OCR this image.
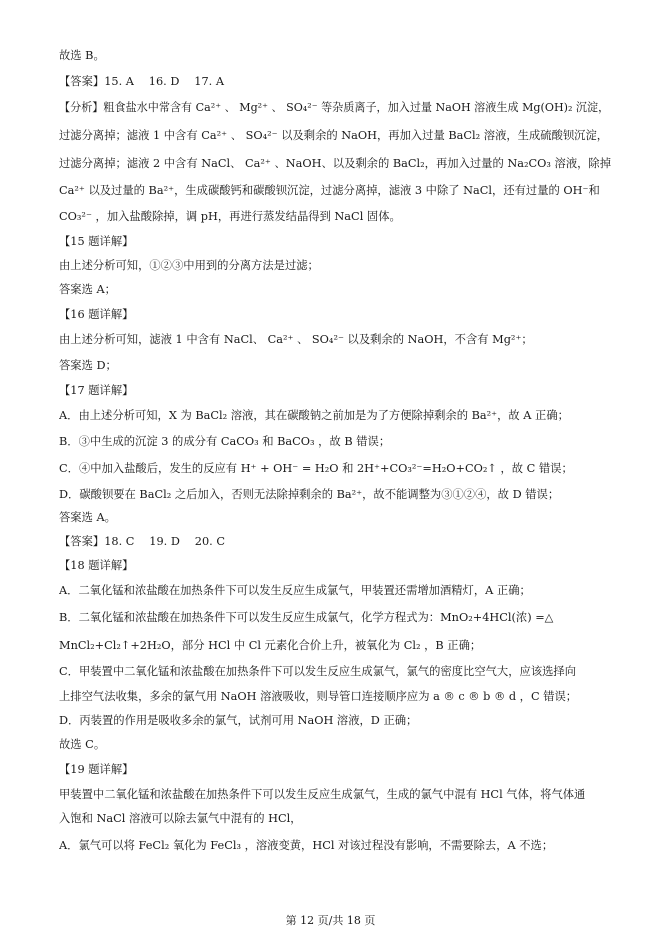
故选 B。
【答案】15. A　 16. D　 17. A
【分析】粗食盐水中常含有 Ca²⁺ 、 Mg²⁺ 、 SO₄²⁻ 等杂质离子，加入过量 NaOH 溶液生成 Mg(OH)₂ 沉淀，
过滤分离掉；滤液 1 中含有 Ca²⁺ 、 SO₄²⁻ 以及剩余的 NaOH，再加入过量 BaCl₂ 溶液，生成硫酸钡沉淀，
过滤分离掉；滤液 2 中含有 NaCl、 Ca²⁺ 、NaOH、以及剩余的 BaCl₂，再加入过量的 Na₂CO₃ 溶液，除掉
Ca²⁺ 以及过量的 Ba²⁺，生成碳酸钙和碳酸钡沉淀，过滤分离掉，滤液 3 中除了 NaCl，还有过量的 OH⁻和
CO₃²⁻ ，加入盐酸除掉，调 pH，再进行蒸发结晶得到 NaCl 固体。
【15 题详解】
由上述分析可知，①②③中用到的分离方法是过滤；
答案选 A；
【16 题详解】
由上述分析可知，滤液 1 中含有 NaCl、 Ca²⁺ 、 SO₄²⁻ 以及剩余的 NaOH，不含有 Mg²⁺；
答案选 D；
【17 题详解】
A．由上述分析可知，X 为 BaCl₂ 溶液，其在碳酸钠之前加是为了方便除掉剩余的 Ba²⁺，故 A 正确；
B．③中生成的沉淀 3 的成分有 CaCO₃ 和 BaCO₃ ，故 B 错误；
C．④中加入盐酸后，发生的反应有 H⁺ + OH⁻ = H₂O 和 2H⁺+CO₃²⁻=H₂O+CO₂↑ ，故 C 错误；
D．碳酸钡要在 BaCl₂ 之后加入，否则无法除掉剩余的 Ba²⁺，故不能调整为③①②④，故 D 错误；
答案选 A。
【答案】18. C　 19. D　 20. C
【18 题详解】
A．二氧化锰和浓盐酸在加热条件下可以发生反应生成氯气，甲装置还需增加酒精灯，A 正确；
B．二氧化锰和浓盐酸在加热条件下可以发生反应生成氯气，化学方程式为：MnO₂+4HCl(浓) =△
MnCl₂+Cl₂↑+2H₂O，部分 HCl 中 Cl 元素化合价上升，被氧化为 Cl₂ ，B 正确；
C．甲装置中二氧化锰和浓盐酸在加热条件下可以发生反应生成氯气，氯气的密度比空气大，应该选择向
上排空气法收集，多余的氯气用 NaOH 溶液吸收，则导管口连接顺序应为 a ® c ® b ® d ，C 错误；
D．丙装置的作用是吸收多余的氯气，试剂可用 NaOH 溶液，D 正确；
故选 C。
【19 题详解】
甲装置中二氧化锰和浓盐酸在加热条件下可以发生反应生成氯气，生成的氯气中混有 HCl 气体，将气体通
入饱和 NaCl 溶液可以除去氯气中混有的 HCl，
A．氯气可以将 FeCl₂ 氧化为 FeCl₃ ，溶液变黄，HCl 对该过程没有影响，不需要除去，A 不选；
第 12 页/共 18 页
